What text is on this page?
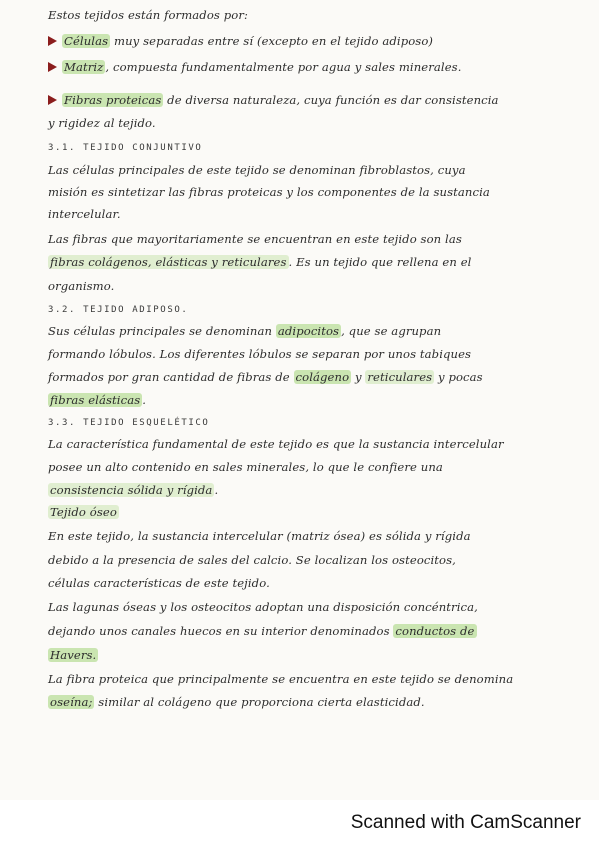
Estos tejidos están formados por:
Células muy separadas entre sí (excepto en el tejido adiposo)
Matriz , compuesta fundamentalmente por agua y sales minerales.
Fibras proteicas de diversa naturaleza, cuya función es dar consistencia
y rigidez al tejido.
3.1. TEJIDO CONJUNTIVO
Las células principales de este tejido se denominan fibroblastos, cuya
misión es sintetizar las fibras proteicas y los componentes de la sustancia
intercelular.
Las fibras que mayoritariamente se encuentran en este tejido son las
fibras colágenos, elásticas y reticulares . Es un tejido que rellena en el
organismo.
3.2. TEJIDO ADIPOSO.
Sus células principales se denominan adipocitos , que se agrupan
formando lóbulos. Los diferentes lóbulos se separan por unos tabiques
formados por gran cantidad de fibras de colágeno y reticulares y pocas
fibras elásticas .
3.3. TEJIDO ESQUELÉTICO
La característica fundamental de este tejido es que la sustancia intercelular
posee un alto contenido en sales minerales, lo que le confiere una
consistencia sólida y rígida .
Tejido óseo
En este tejido, la sustancia intercelular (matriz ósea) es sólida y rígida
debido a la presencia de sales del calcio. Se localizan los osteocitos,
células características de este tejido.
Las lagunas óseas y los osteocitos adoptan una disposición concéntrica,
dejando unos canales huecos en su interior denominados conductos de
Havers.
La fibra proteica que principalmente se encuentra en este tejido se denomina
oseína; similar al colágeno que proporciona cierta elasticidad.
Scanned with CamScanner
